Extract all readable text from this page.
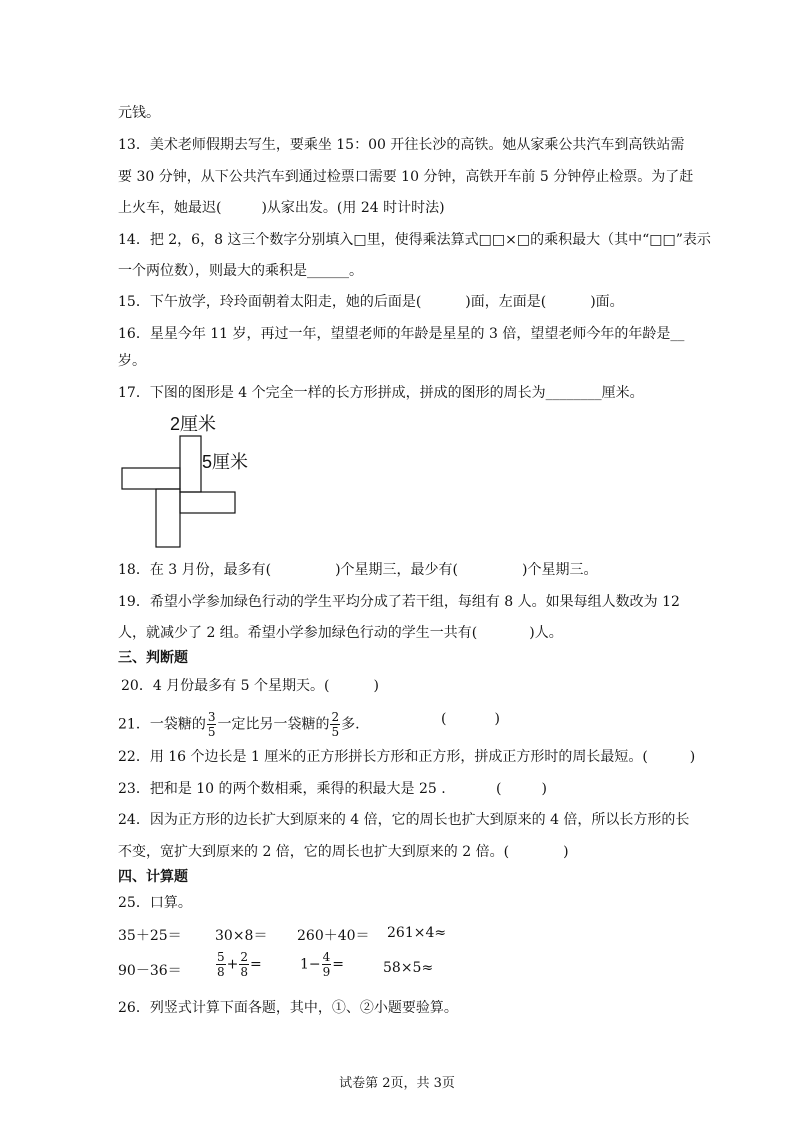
元钱。
13．美术老师假期去写生，要乘坐 15：00 开往长沙的高铁。她从家乘公共汽车到高铁站需
要 30 分钟，从下公共汽车到通过检票口需要 10 分钟，高铁开车前 5 分钟停止检票。为了赶
上火车，她最迟(	)从家出发。(用 24 时计时法)
14．把 2，6，8 这三个数字分别填入□里，使得乘法算式□□×□的乘积最大（其中“□□”表示
一个两位数），则最大的乘积是______。
15．下午放学，玲玲面朝着太阳走，她的后面是(	)面，左面是(	)面。
16．星星今年 11 岁，再过一年，望望老师的年龄是星星的 3 倍，望望老师今年的年龄是__
岁。
17．下图的图形是 4 个完全一样的长方形拼成，拼成的图形的周长为________厘米。
2厘米
5厘米
18．在 3 月份，最多有(	)个星期三，最少有(	)个星期三。
19．希望小学参加绿色行动的学生平均分成了若干组，每组有 8 人。如果每组人数改为 12
人，就减少了 2 组。希望小学参加绿色行动的学生一共有(	)人。
三、判断题
20．4 月份最多有 5 个星期天。(	)
21．一袋糖的 $\frac{3}{5}$ 一定比另一袋糖的 $\frac{2}{5}$ 多.	(	)
22．用 16 个边长是 1 厘米的正方形拼长方形和正方形，拼成正方形时的周长最短。(	)
23．把和是 10 的两个数相乘，乘得的积最大是 25 .	(	)
24．因为正方形的边长扩大到原来的 4 倍，它的周长也扩大到原来的 4 倍，所以长方形的长
不变，宽扩大到原来的 2 倍，它的周长也扩大到原来的 2 倍。(	)
四、计算题
25．口算。
35＋25＝ 30×8＝ 260＋40＝ 261×4≈
90－36＝	$\frac{5}{8} + \frac{2}{8}$ =	$1- \frac{4}{9}$ =	58×5≈
26．列竖式计算下面各题，其中，①、②小题要验算。
试卷第 2页，共 3页
